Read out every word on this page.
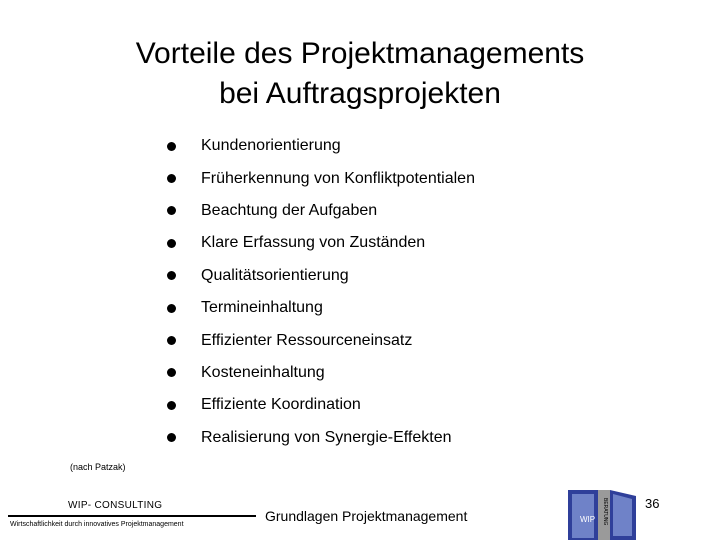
Vorteile des Projektmanagements
bei Auftragsprojekten
Kundenorientierung
Früherkennung von Konfliktpotentialen
Beachtung der Aufgaben
Klare Erfassung von Zuständen
Qualitätsorientierung
Termineinhaltung
Effizienter Ressourceneinsatz
Kosteneinhaltung
Effiziente Koordination
Realisierung von Synergie-Effekten
(nach Patzak)
WIP- CONSULTING
Wirtschaftlichkeit durch innovatives Projektmanagement
Grundlagen Projektmanagement	WIP BERATUNG	36
